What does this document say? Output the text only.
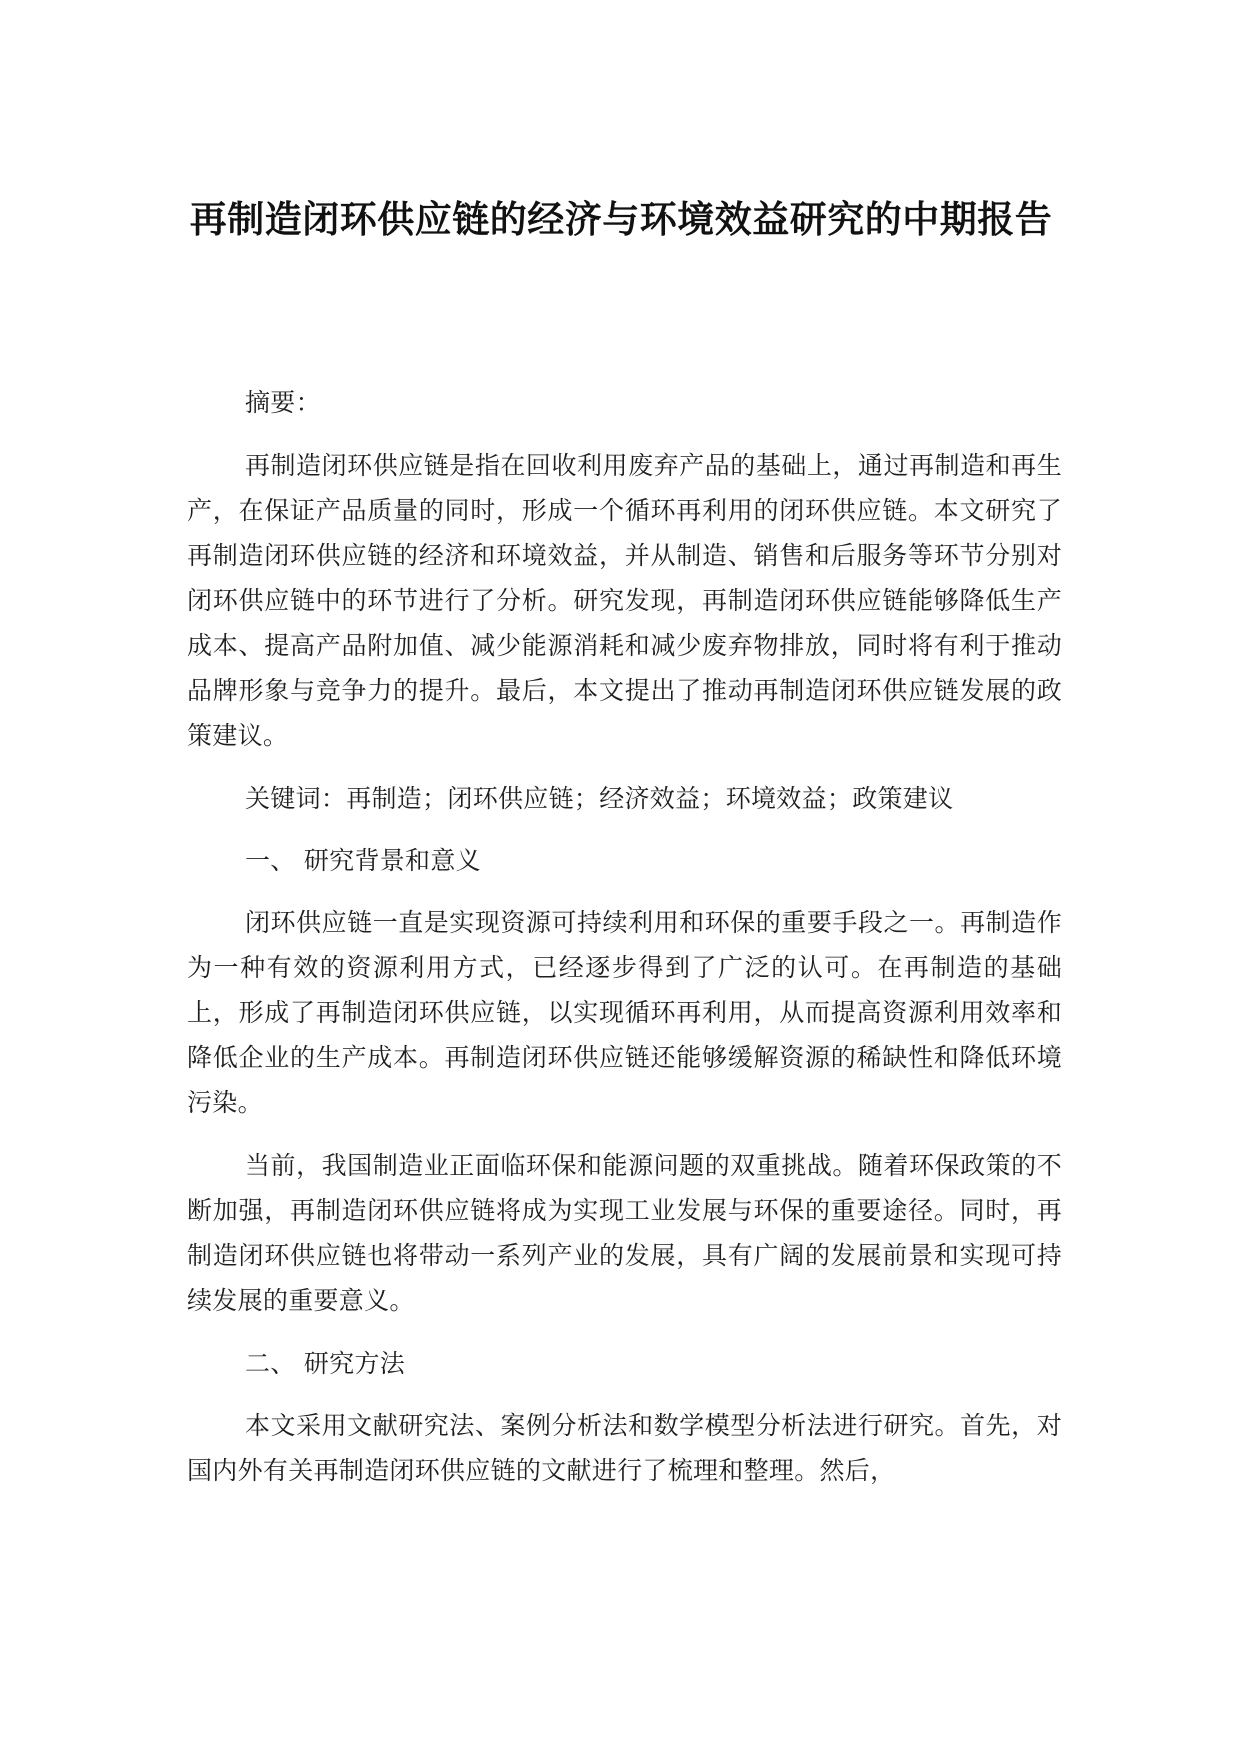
再制造闭环供应链的经济与环境效益研究的中期报告

摘要：

再制造闭环供应链是指在回收利用废弃产品的基础上，通过再制造和再生产，在保证产品质量的同时，形成一个循环再利用的闭环供应链。本文研究了再制造闭环供应链的经济和环境效益，并从制造、销售和后服务等环节分别对闭环供应链中的环节进行了分析。研究发现，再制造闭环供应链能够降低生产成本、提高产品附加值、减少能源消耗和减少废弃物排放，同时将有利于推动品牌形象与竞争力的提升。最后，本文提出了推动再制造闭环供应链发展的政策建议。

关键词：再制造；闭环供应链；经济效益；环境效益；政策建议

一、 研究背景和意义

闭环供应链一直是实现资源可持续利用和环保的重要手段之一。再制造作为一种有效的资源利用方式，已经逐步得到了广泛的认可。在再制造的基础上，形成了再制造闭环供应链，以实现循环再利用，从而提高资源利用效率和降低企业的生产成本。再制造闭环供应链还能够缓解资源的稀缺性和降低环境污染。

当前，我国制造业正面临环保和能源问题的双重挑战。随着环保政策的不断加强，再制造闭环供应链将成为实现工业发展与环保的重要途径。同时，再制造闭环供应链也将带动一系列产业的发展，具有广阔的发展前景和实现可持续发展的重要意义。

二、 研究方法

本文采用文献研究法、案例分析法和数学模型分析法进行研究。首先，对国内外有关再制造闭环供应链的文献进行了梳理和整理。然后，
